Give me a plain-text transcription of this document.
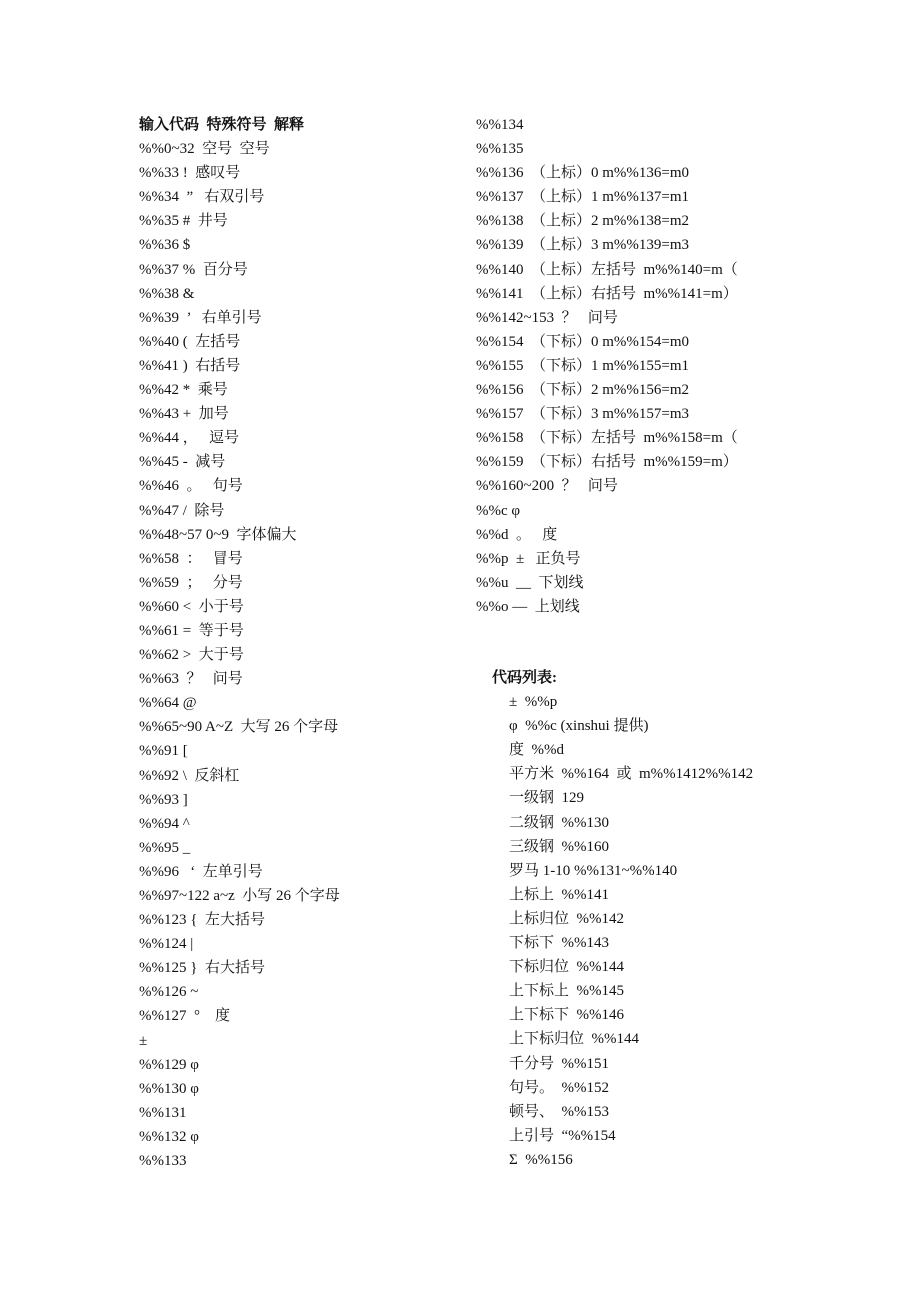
输入代码  特殊符号  解释
%%0~32  空号  空号
%%33 !  感叹号
%%34  ”   右双引号
%%35 #  井号
%%36 $
%%37 %  百分号
%%38 &
%%39  ’   右单引号
%%40 (  左括号
%%41 )  右括号
%%42 *  乘号
%%43 +  加号
%%44 ，   逗号
%%45 -  减号
%%46  。   句号
%%47 /  除号
%%48~57 0~9  字体偏大
%%58  ：   冒号
%%59  ；   分号
%%60 <  小于号
%%61 =  等于号
%%62 >  大于号
%%63  ？   问号
%%64 @
%%65~90 A~Z  大写 26 个字母
%%91 [
%%92 \  反斜杠
%%93 ]
%%94 ^
%%95 _
%%96   ‘  左单引号
%%97~122 a~z  小写 26 个字母
%%123 {  左大括号
%%124 |
%%125 }  右大括号
%%126 ~
%%127  °    度
±
%%129 φ
%%130 φ
%%131
%%132 φ
%%133
%%134
%%135
%%136  （上标）0 m%%136=m0
%%137  （上标）1 m%%137=m1
%%138  （上标）2 m%%138=m2
%%139  （上标）3 m%%139=m3
%%140  （上标）左括号  m%%140=m（
%%141  （上标）右括号  m%%141=m）
%%142~153  ？   问号
%%154  （下标）0 m%%154=m0
%%155  （下标）1 m%%155=m1
%%156  （下标）2 m%%156=m2
%%157  （下标）3 m%%157=m3
%%158  （下标）左括号  m%%158=m（
%%159  （下标）右括号  m%%159=m）
%%160~200  ？   问号
%%c φ
%%d  。   度
%%p  ±   正负号
%%u  __  下划线
%%o —  上划线
代码列表:
±  %%p
φ  %%c (xinshui 提供)
度  %%d
平方米  %%164  或  m%%1412%%142
一级钢  129
二级钢  %%130
三级钢  %%160
罗马 1-10 %%131~%%140
上标上  %%141
上标归位  %%142
下标下  %%143
下标归位  %%144
上下标上  %%145
上下标下  %%146
上下标归位  %%144
千分号  %%151
句号。  %%152
顿号、  %%153
上引号  “%%154
Σ  %%156
